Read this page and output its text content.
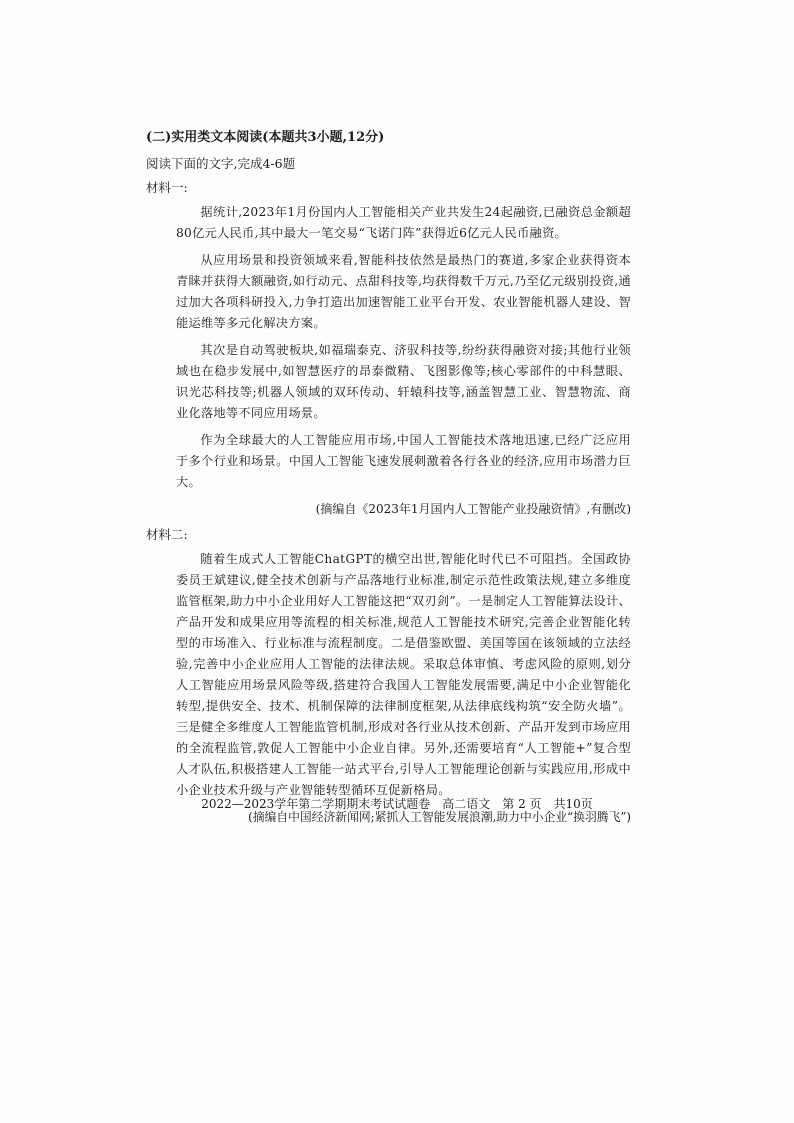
(二)实用类文本阅读(本题共3小题,12分)
阅读下面的文字,完成4-6题
材料一:

据统计,2023年1月份国内人工智能相关产业共发生24起融资,已融资总金额超80亿元人民币,其中最大一笔交易“飞诺门阵”获得近6亿元人民币融资。

从应用场景和投资领域来看,智能科技依然是最热门的赛道,多家企业获得资本青睐并获得大额融资,如行动元、点甜科技等,均获得数千万元,乃至亿元级别投资,通过加大各项科研投入,力争打造出加速智能工业平台开发、农业智能机器人建设、智能运维等多元化解决方案。

其次是自动驾驶板块,如福瑞泰克、济驭科技等,纷纷获得融资对接;其他行业领域也在稳步发展中,如智慧医疗的昂泰微精、飞图影像等;核心零部件的中科慧眼、识光芯科技等;机器人领域的双环传动、轩辕科技等,涵盖智慧工业、智慧物流、商业化落地等不同应用场景。

作为全球最大的人工智能应用市场,中国人工智能技术落地迅速,已经广泛应用于多个行业和场景。中国人工智能飞速发展刺激着各行各业的经济,应用市场潜力巨大。

(摘编自《2023年1月国内人工智能产业投融资情》,有删改)
材料二:

随着生成式人工智能ChatGPT的横空出世,智能化时代已不可阻挡。全国政协委员王斌建议,健全技术创新与产品落地行业标准,制定示范性政策法规,建立多维度监管框架,助力中小企业用好人工智能这把“双刃剑”。一是制定人工智能算法设计、产品开发和成果应用等流程的相关标准,规范人工智能技术研究,完善企业智能化转型的市场准入、行业标准与流程制度。二是借鉴欧盟、美国等国在该领域的立法经验,完善中小企业应用人工智能的法律法规。采取总体审慎、考虑风险的原则,划分人工智能应用场景风险等级,搭建符合我国人工智能发展需要,满足中小企业智能化转型,提供安全、技术、机制保障的法律制度框架,从法律底线构筑“安全防火墙”。三是健全多维度人工智能监管机制,形成对各行业从技术创新、产品开发到市场应用的全流程监管,敦促人工智能中小企业自律。另外,还需要培育“人工智能+”复合型人才队伍,积极搭建人工智能一站式平台,引导人工智能理论创新与实践应用,形成中小企业技术升级与产业智能转型循环互促新格局。

(摘编自中国经济新闻网;紧抓人工智能发展浪潮,助力中小企业“换羽腾飞”)
2022—2023学年第二学期期末考试试题卷　高二语文　第 2 页　共10页
